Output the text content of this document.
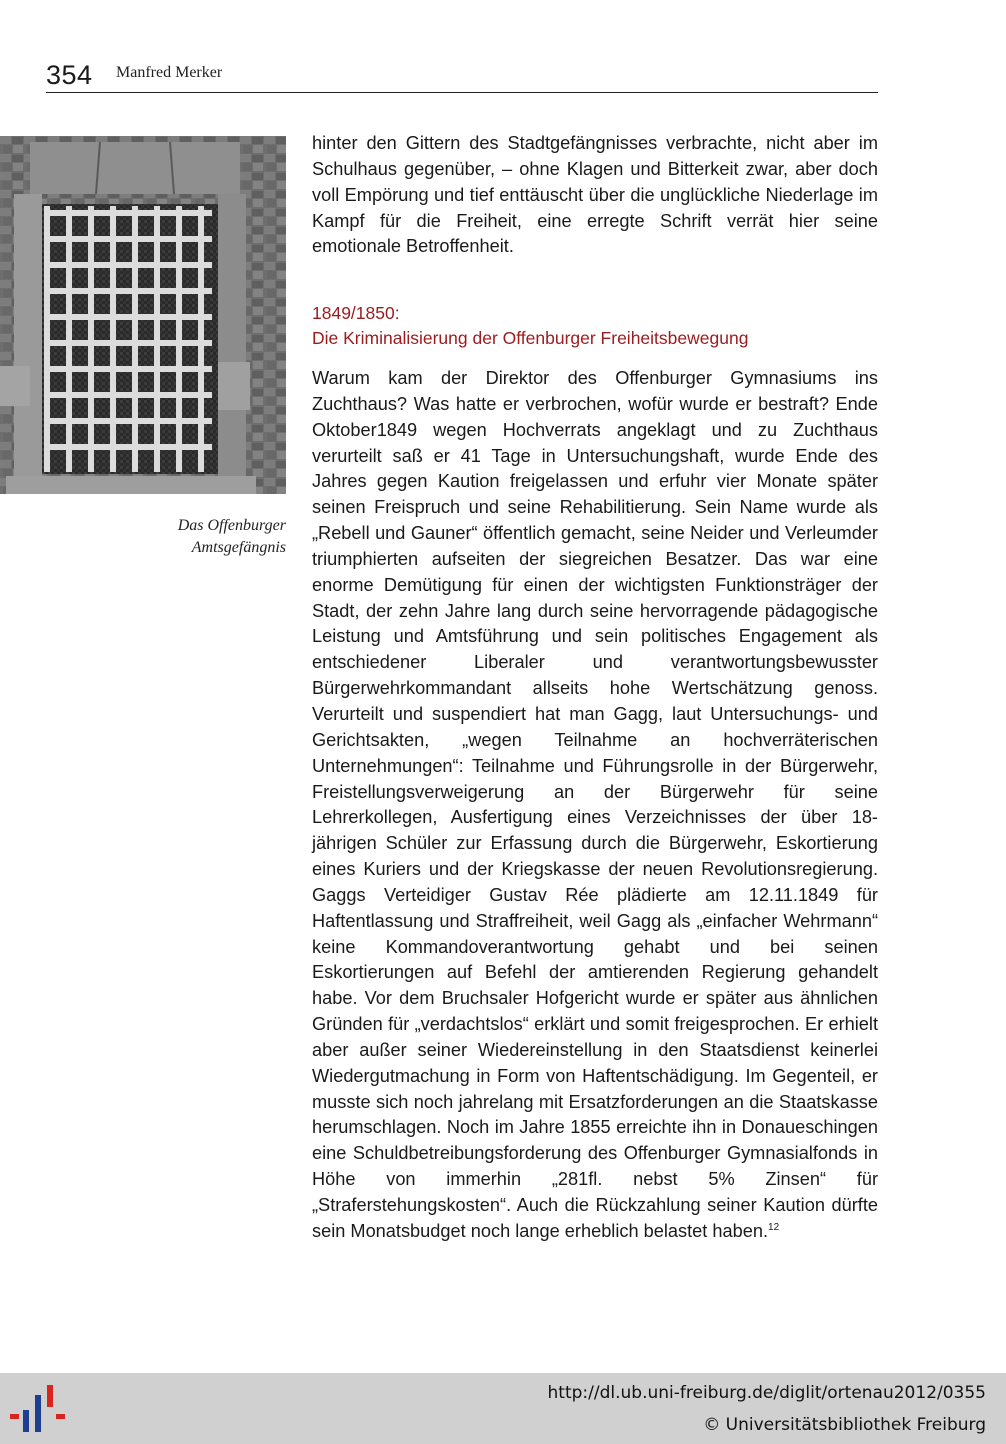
354 Manfred Merker
Das Offenburger
Amtsgefängnis
hinter den Gittern des Stadtgefängnisses verbrachte, nicht aber im Schulhaus gegenüber, – ohne Klagen und Bitterkeit zwar, aber doch voll Empörung und tief enttäuscht über die unglückliche Niederlage im Kampf für die Freiheit, eine erregte Schrift verrät hier seine emotionale Betroffenheit.
1849/1850:
Die Kriminalisierung der Offenburger Freiheitsbewegung
Warum kam der Direktor des Offenburger Gymnasiums ins Zuchthaus? Was hatte er verbrochen, wofür wurde er bestraft? Ende Oktober1849 wegen Hochverrats angeklagt und zu Zuchthaus verurteilt saß er 41 Tage in Untersuchungshaft, wurde Ende des Jahres gegen Kaution freigelassen und erfuhr vier Monate später seinen Freispruch und seine Rehabilitierung. Sein Name wurde als „Rebell und Gauner“ öffentlich gemacht, seine Neider und Verleumder triumphierten aufseiten der siegreichen Besatzer. Das war eine enorme Demütigung für einen der wichtigsten Funktionsträger der Stadt, der zehn Jahre lang durch seine hervorragende pädagogische Leistung und Amtsführung und sein politisches Engagement als entschiedener Liberaler und verantwortungsbewusster Bürgerwehrkommandant allseits hohe Wertschätzung genoss. Verurteilt und suspendiert hat man Gagg, laut Untersuchungs- und Gerichtsakten, „wegen Teilnahme an hochverräterischen Unternehmungen“: Teilnahme und Führungsrolle in der Bürgerwehr, Freistellungsverweigerung an der Bürgerwehr für seine Lehrerkollegen, Ausfertigung eines Verzeichnisses der über 18-jährigen Schüler zur Erfassung durch die Bürgerwehr, Eskortierung eines Kuriers und der Kriegskasse der neuen Revolutionsregierung. Gaggs Verteidiger Gustav Rée plädierte am 12.11.1849 für Haftentlassung und Straffreiheit, weil Gagg als „einfacher Wehrmann“ keine Kommandoverantwortung gehabt und bei seinen Eskortierungen auf Befehl der amtierenden Regierung gehandelt habe. Vor dem Bruchsaler Hofgericht wurde er später aus ähnlichen Gründen für „verdachtslos“ erklärt und somit freigesprochen. Er erhielt aber außer seiner Wiedereinstellung in den Staatsdienst keinerlei Wiedergutmachung in Form von Haftentschädigung. Im Gegenteil, er musste sich noch jahrelang mit Ersatzforderungen an die Staatskasse herumschlagen. Noch im Jahre 1855 erreichte ihn in Donaueschingen eine Schuldbetreibungsforderung des Offenburger Gymnasialfonds in Höhe von immerhin „281fl. nebst 5% Zinsen“ für „Straferstehungskosten“. Auch die Rückzahlung seiner Kaution dürfte sein Monatsbudget noch lange erheblich belastet haben.$^{12}$
http://dl.ub.uni-freiburg.de/diglit/ortenau2012/0355
© Universitätsbibliothek Freiburg
